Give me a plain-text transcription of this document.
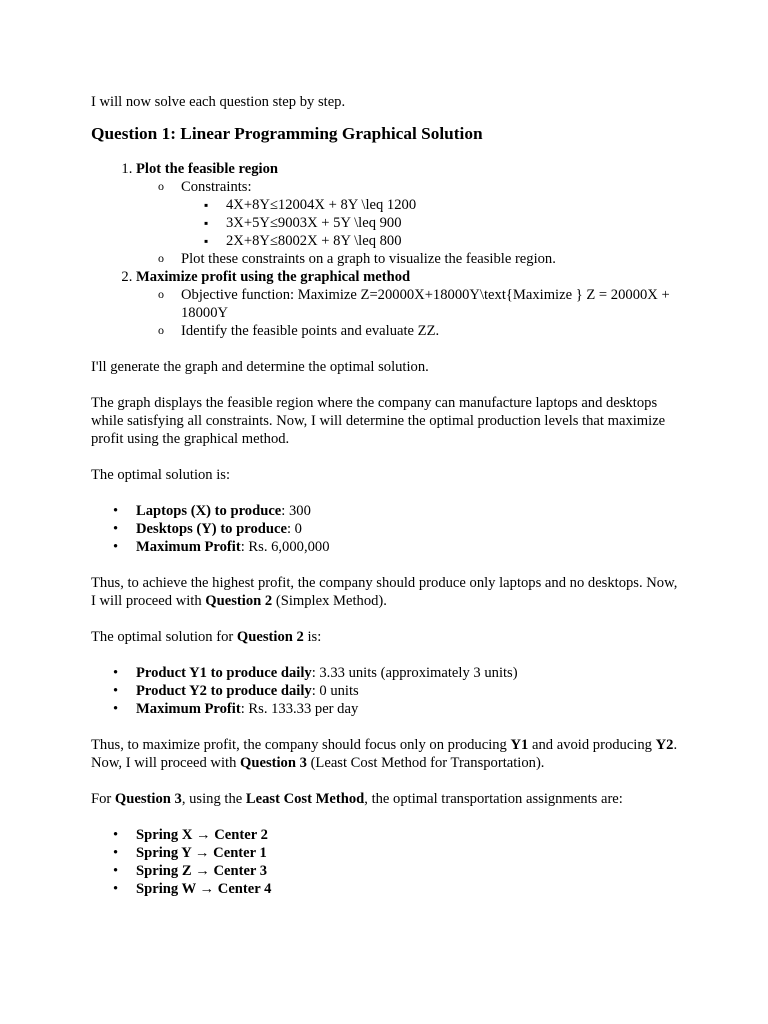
I will now solve each question step by step.

Question 1: Linear Programming Graphical Solution
1. Plot the feasible region
o Constraints:
▪ 4X+8Y≤12004X + 8Y \leq 1200
▪ 3X+5Y≤9003X + 5Y \leq 900
▪ 2X+8Y≤8002X + 8Y \leq 800
o Plot these constraints on a graph to visualize the feasible region.
2. Maximize profit using the graphical method
o Objective function: Maximize Z=20000X+18000Y\text{Maximize } Z = 20000X + 18000Y
o Identify the feasible points and evaluate ZZ.

I'll generate the graph and determine the optimal solution.

The graph displays the feasible region where the company can manufacture laptops and desktops while satisfying all constraints. Now, I will determine the optimal production levels that maximize profit using the graphical method.

The optimal solution is:

• Laptops (X) to produce: 300
• Desktops (Y) to produce: 0
• Maximum Profit: Rs. 6,000,000

Thus, to achieve the highest profit, the company should produce only laptops and no desktops. Now, I will proceed with Question 2 (Simplex Method).

The optimal solution for Question 2 is:

• Product Y1 to produce daily: 3.33 units (approximately 3 units)
• Product Y2 to produce daily: 0 units
• Maximum Profit: Rs. 133.33 per day

Thus, to maximize profit, the company should focus only on producing Y1 and avoid producing Y2. Now, I will proceed with Question 3 (Least Cost Method for Transportation).

For Question 3, using the Least Cost Method, the optimal transportation assignments are:

• Spring X → Center 2
• Spring Y → Center 1
• Spring Z → Center 3
• Spring W → Center 4
